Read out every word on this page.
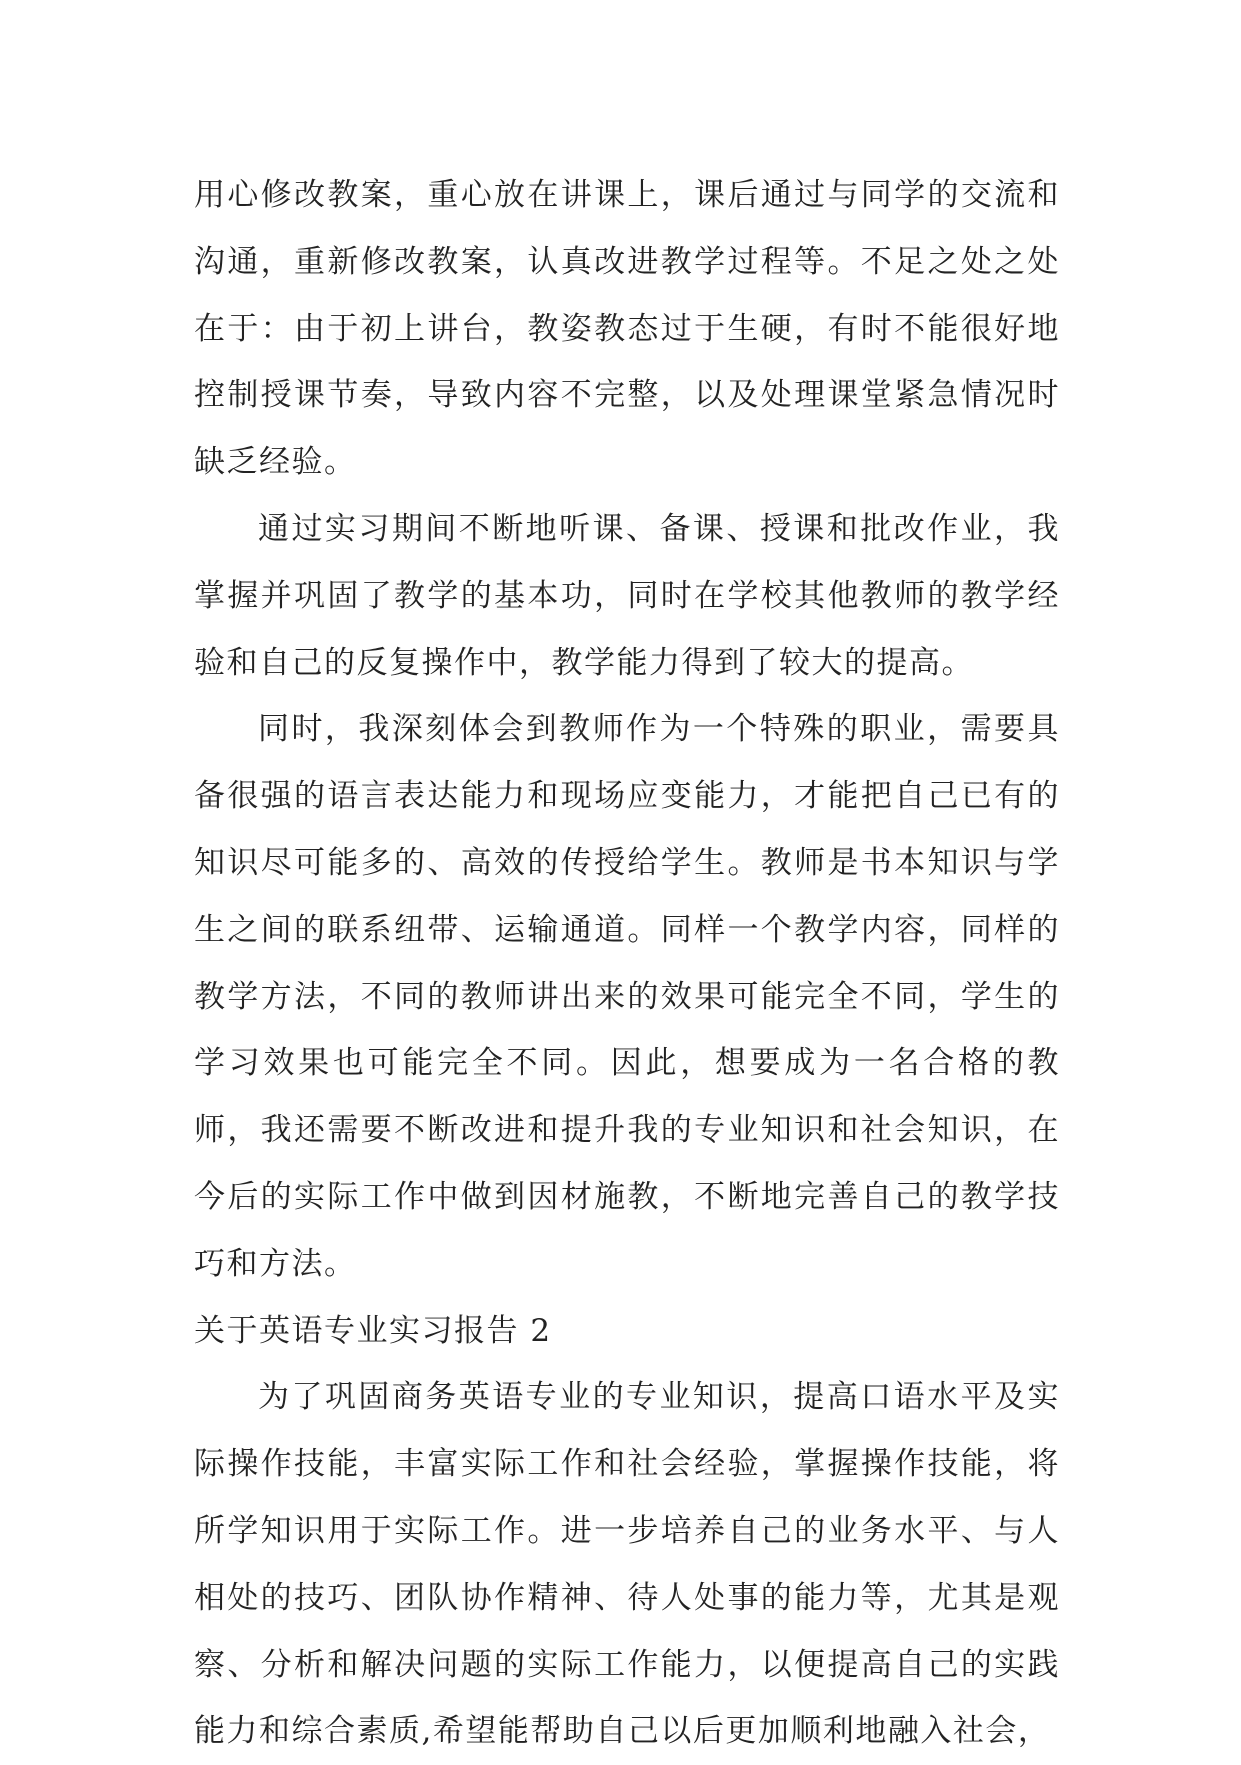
用心修改教案，重心放在讲课上，课后通过与同学的交流和沟通，重新修改教案，认真改进教学过程等。不足之处之处在于：由于初上讲台，教姿教态过于生硬，有时不能很好地控制授课节奏，导致内容不完整，以及处理课堂紧急情况时缺乏经验。

通过实习期间不断地听课、备课、授课和批改作业，我掌握并巩固了教学的基本功，同时在学校其他教师的教学经验和自己的反复操作中，教学能力得到了较大的提高。

同时，我深刻体会到教师作为一个特殊的职业，需要具备很强的语言表达能力和现场应变能力，才能把自己已有的知识尽可能多的、高效的传授给学生。教师是书本知识与学生之间的联系纽带、运输通道。同样一个教学内容，同样的教学方法，不同的教师讲出来的效果可能完全不同，学生的学习效果也可能完全不同。因此，想要成为一名合格的教师，我还需要不断改进和提升我的专业知识和社会知识，在今后的实际工作中做到因材施教，不断地完善自己的教学技巧和方法。

关于英语专业实习报告 2

为了巩固商务英语专业的专业知识，提高口语水平及实际操作技能，丰富实际工作和社会经验，掌握操作技能，将所学知识用于实际工作。进一步培养自己的业务水平、与人相处的技巧、团队协作精神、待人处事的能力等，尤其是观察、分析和解决问题的实际工作能力，以便提高自己的实践能力和综合素质,希望能帮助自己以后更加顺利地融入社会，
